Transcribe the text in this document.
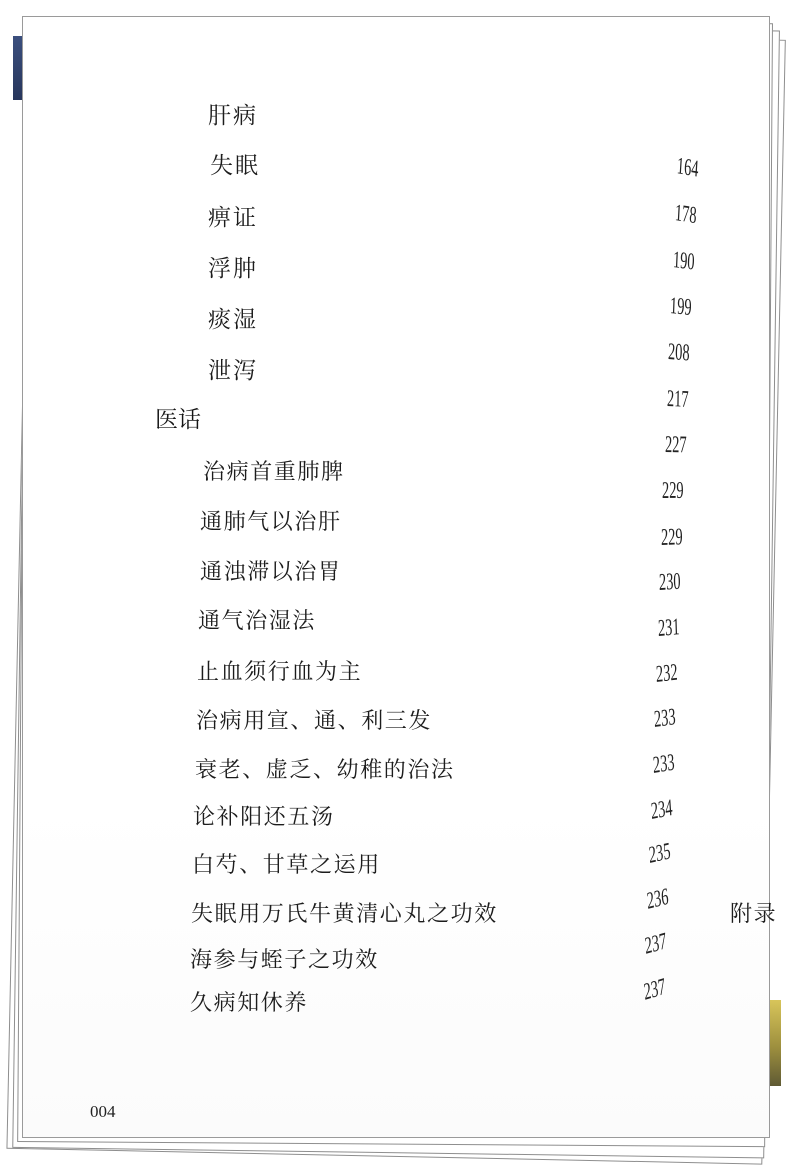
肝病
失眠
痹证
浮肿
痰湿
泄泻
医话
治病首重肺脾
通肺气以治肝
通浊滞以治胃
通气治湿法
止血须行血为主
治病用宣、通、利三发
衰老、虚乏、幼稚的治法
论补阳还五汤
白芍、甘草之运用
失眠用万氏牛黄清心丸之功效
海参与蛭子之功效
久病知休养
164
178
190
199
208
217
227
229
229
230
231
232
233
233
234
235
236
237
237
附录
004
